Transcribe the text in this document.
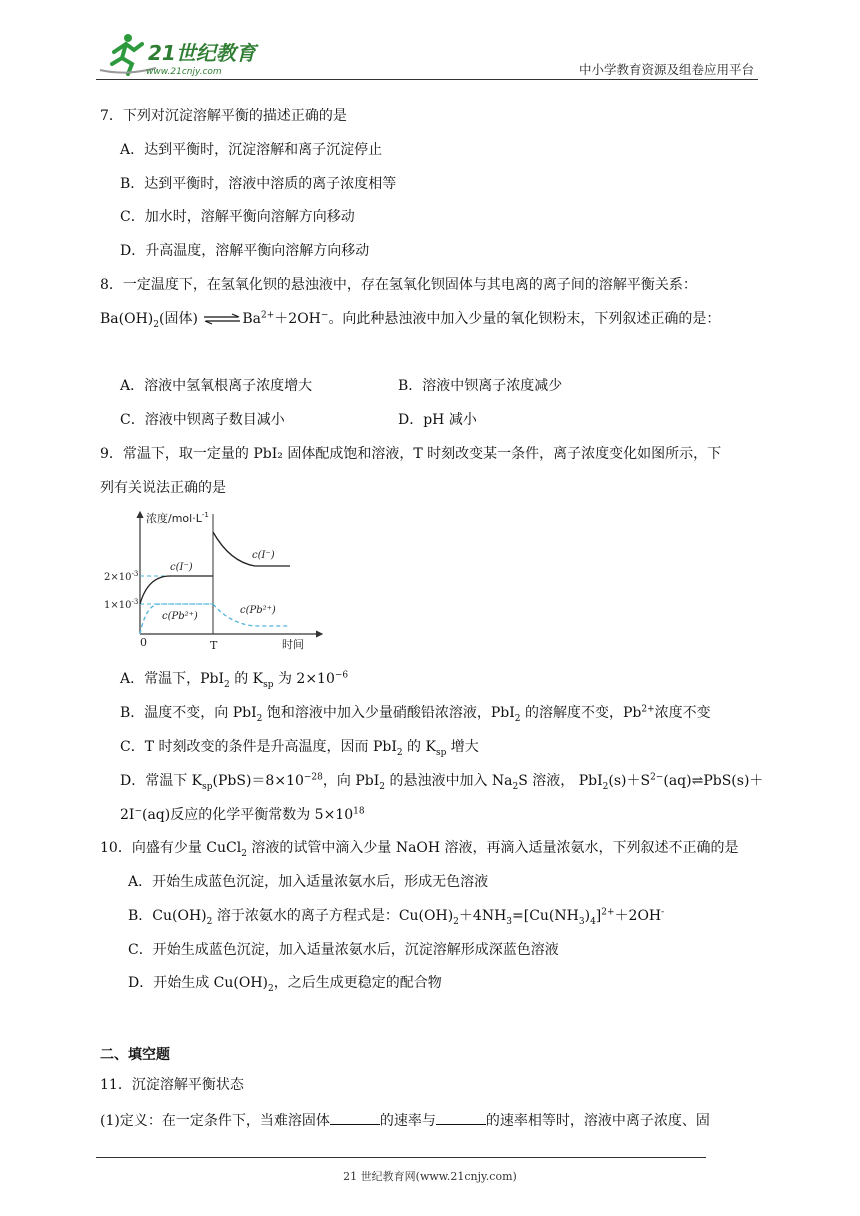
21世纪教育
www.21cnjy.com	中小学教育资源及组卷应用平台
7．下列对沉淀溶解平衡的描述正确的是
A．达到平衡时，沉淀溶解和离子沉淀停止
B．达到平衡时，溶液中溶质的离子浓度相等
C．加水时，溶解平衡向溶解方向移动
D．升高温度，溶解平衡向溶解方向移动
8．一定温度下，在氢氧化钡的悬浊液中，存在氢氧化钡固体与其电离的离子间的溶解平衡关系：
$Ba(OH)_2$(固体) $\rightleftharpoons Ba^{2+}+2OH^-$。向此种悬浊液中加入少量的氧化钡粉末，下列叙述正确的是：
A．溶液中氢氧根离子浓度增大	B．溶液中钡离子浓度减少
C．溶液中钡离子数目减小	D．pH 减小
9．常温下，取一定量的 PbI₂ 固体配成饱和溶液，T 时刻改变某一条件，离子浓度变化如图所示，下
列有关说法正确的是
浓度$/mol\cdot L^{-1}$
$2\times 10^{-3}$
$1\times 10^{-3}$
0	T	时间
c(I⁻)
c(I⁻)
c(Pb²⁺)
c(Pb²⁺)
A．常温下，PbI$_2$ 的 $K_{sp}$ 为 $2\times 10^{-6}$
B．温度不变，向 PbI$_2$ 饱和溶液中加入少量硝酸铅浓溶液，PbI$_2$ 的溶解度不变，$Pb^{2+}$浓度不变
C．T 时刻改变的条件是升高温度，因而 PbI$_2$ 的 $K_{sp}$ 增大
D．常温下 $K_{sp}(PbS)=8\times 10^{-28}$，向 PbI$_2$ 的悬浊液中加入 $Na_2S$ 溶液， $PbI_2(s)+S^{2-}(aq)\rightleftharpoons PbS(s)+$
2I−(aq)反应的化学平衡常数为 $5\times 10^{18}$
10．向盛有少量 CuCl$_2$ 溶液的试管中滴入少量 NaOH 溶液，再滴入适量浓氨水，下列叙述不正确的是
A．开始生成蓝色沉淀，加入适量浓氨水后，形成无色溶液
B．$Cu(OH)_2$ 溶于浓氨水的离子方程式是：$Cu(OH)_2+4NH_3=[Cu(NH_3)_4]^{2+}+2OH^-$
C．开始生成蓝色沉淀，加入适量浓氨水后，沉淀溶解形成深蓝色溶液
D．开始生成 $Cu(OH)_2$，之后生成更稳定的配合物
二、填空题
11．沉淀溶解平衡状态
(1)定义：在一定条件下，当难溶固体	的速率与	的速率相等时，溶液中离子浓度、固
21 世纪教育网(www.21cnjy.com)
